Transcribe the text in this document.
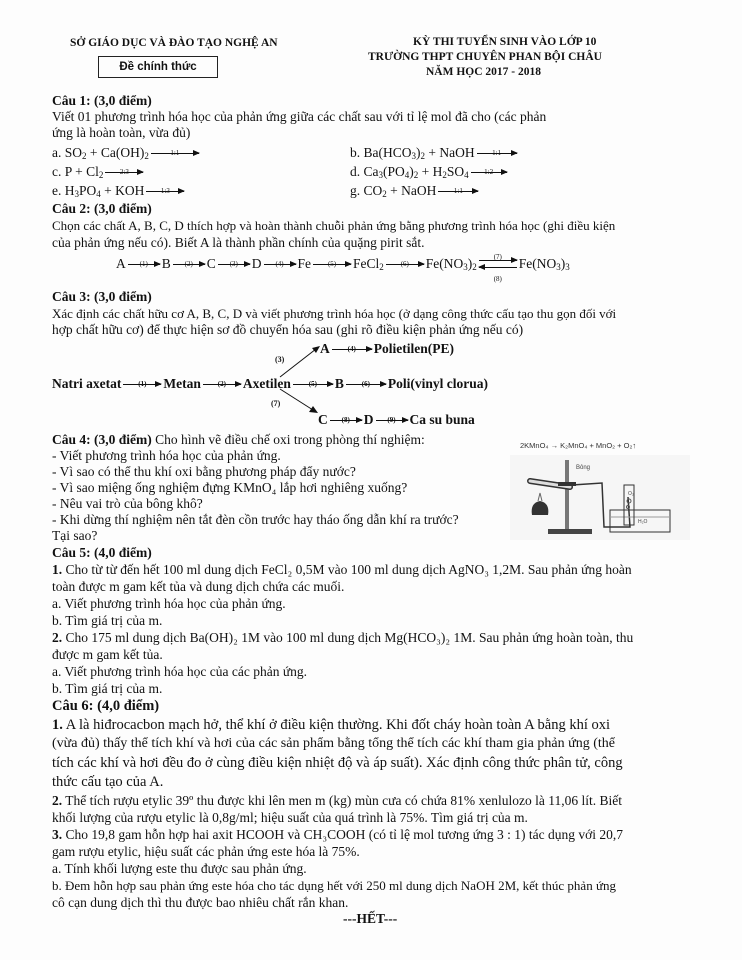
SỞ GIÁO DỤC VÀ ĐÀO TẠO NGHỆ AN
Đề chính thức
KỲ THI TUYỂN SINH VÀO LỚP 10
TRƯỜNG THPT CHUYÊN PHAN BỘI CHÂU
NĂM HỌC 2017 - 2018
Câu 1: (3,0 điểm)
Viết 01 phương trình hóa học của phản ứng giữa các chất sau với tỉ lệ mol đã cho (các phản
ứng là hoàn toàn, vừa đủ)
a. $SO_2 + Ca(OH)_2$	1:1	b. $Ba(HCO_3)_2$ + NaOH	1:1
c. $P + Cl_2$	2:3	d. $Ca_3(PO_4)_2 + H_2SO_4$	1:2
e. $H_3PO_4$ + KOH	1:3	g. $CO_2$ + NaOH	1:1
Câu 2: (3,0 điểm)
Chọn các chất A, B, C, D thích hợp và hoàn thành chuỗi phản ứng bằng phương trình hóa học (ghi điều kiện
của phản ứng nếu có). Biết A là thành phần chính của quặng pirit sắt.
A	(1)	B	(2)	C	(3)	D	(4)	Fe	(5)	FeCl$_2$	(6)	$Fe(NO_3)_2$
(7)
(8)
$Fe(NO_3)_3$
Câu 3: (3,0 điểm)
Xác định các chất hữu cơ A, B, C, D và viết phương trình hóa học (ở dạng công thức cấu tạo thu gọn đối với
hợp chất hữu cơ) để thực hiện sơ đồ chuyển hóa sau (ghi rõ điều kiện phản ứng nếu có)
(3)
(7)
A	(4)	Polietilen(PE)
Natri axetat	(1)	Metan	(2)	Axetilen	(5)	B	(6)	Poli(vinyl clorua)
C	(8)	D	(9)	Ca su buna
Câu 4: (3,0 điểm) Cho hình vẽ điều chế oxi trong phòng thí nghiệm:
- Viết phương trình hóa học của phản ứng.
- Vì sao có thể thu khí oxi bằng phương pháp đẩy nước?
- Vì sao miệng ống nghiệm đựng KMnO₄ lắp hơi nghiêng xuống?
- Nêu vai trò của bông khô?
- Khi dừng thí nghiệm nên tắt đèn cồn trước hay tháo ống dẫn khí ra trước?
Tại sao?
2KMnO₄ → K₂MnO₄ + MnO₂ + O₂↑
H₂O
O₂
Bông
Câu 5: (4,0 điểm)
1. Cho từ từ đến hết 100 ml dung dịch FeCl₂ 0,5M vào 100 ml dung dịch AgNO₃ 1,2M. Sau phản ứng hoàn
toàn được m gam kết tủa và dung dịch chứa các muối.
a. Viết phương trình hóa học của phản ứng.
b. Tìm giá trị của m.
2. Cho 175 ml dung dịch Ba(OH)₂ 1M vào 100 ml dung dịch Mg(HCO₃)₂ 1M. Sau phản ứng hoàn toàn, thu
được m gam kết tủa.
a. Viết phương trình hóa học của các phản ứng.
b. Tìm giá trị của m.
Câu 6: (4,0 điểm)
1. A là hiđrocacbon mạch hở, thể khí ở điều kiện thường. Khi đốt cháy hoàn toàn A bằng khí oxi
(vừa đủ) thấy thể tích khí và hơi của các sản phẩm bằng tổng thể tích các khí tham gia phản ứng (thể
tích các khí và hơi đều đo ở cùng điều kiện nhiệt độ và áp suất). Xác định công thức phân tử, công
thức cấu tạo của A.
2. Thể tích rượu etylic 39º thu được khi lên men m (kg) mùn cưa có chứa 81% xenlulozo là 11,06 lít. Biết
khối lượng của rượu etylic là 0,8g/ml; hiệu suất của quá trình là 75%. Tìm giá trị của m.
3. Cho 19,8 gam hỗn hợp hai axit HCOOH và CH₃COOH (có tỉ lệ mol tương ứng 3 : 1) tác dụng với 20,7
gam rượu etylic, hiệu suất các phản ứng este hóa là 75%.
a. Tính khối lượng este thu được sau phản ứng.
b. Đem hỗn hợp sau phản ứng este hóa cho tác dụng hết với 250 ml dung dịch NaOH 2M, kết thúc phản ứng
cô cạn dung dịch thì thu được bao nhiêu chất rắn khan.
---HẾT---
